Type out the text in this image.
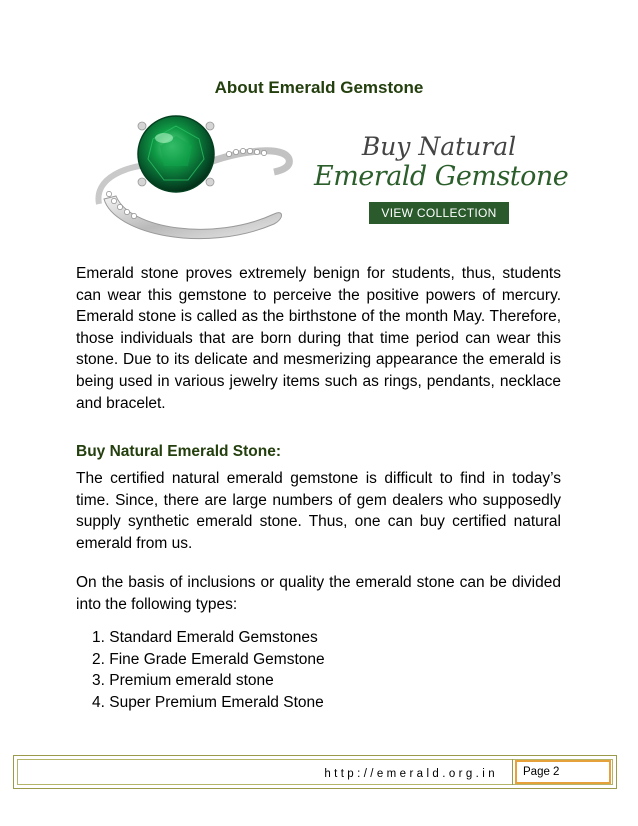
About Emerald Gemstone
Buy Natural
Emerald Gemstone
VIEW COLLECTION

Emerald stone proves extremely benign for students, thus, students can wear this gemstone to perceive the positive powers of mercury. Emerald stone is called as the birthstone of the month May. Therefore, those individuals that are born during that time period can wear this stone. Due to its delicate and mesmerizing appearance the emerald is being used in various jewelry items such as rings, pendants, necklace and bracelet.

Buy Natural Emerald Stone:

The certified natural emerald gemstone is difficult to find in today’s time. Since, there are large numbers of gem dealers who supposedly supply synthetic emerald stone. Thus, one can buy certified natural emerald from us.

On the basis of inclusions or quality the emerald stone can be divided into the following types:

1. Standard Emerald Gemstones
2. Fine Grade Emerald Gemstone
3. Premium emerald stone
4. Super Premium Emerald Stone
http://emerald.org.in	Page 2
